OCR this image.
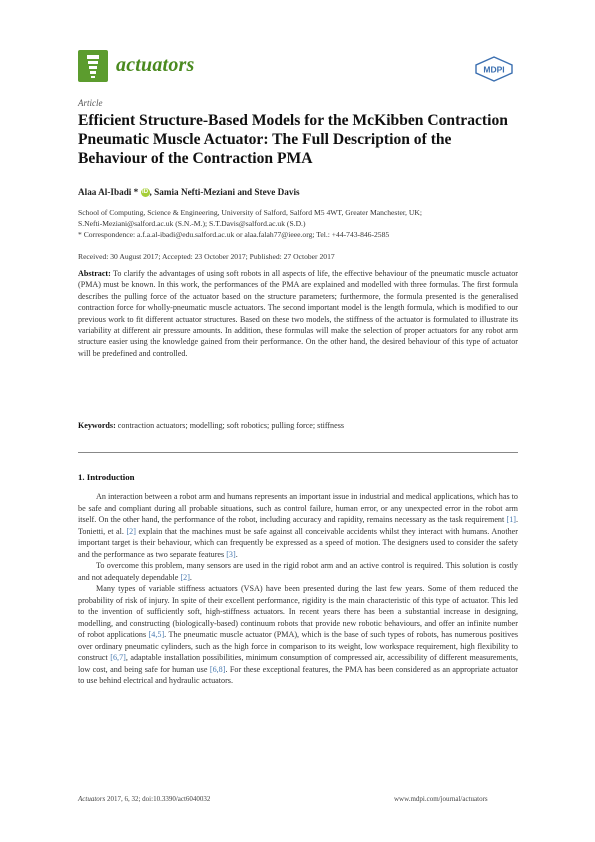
actuators	MDPI
Article
Efficient Structure-Based Models for the McKibben Contraction Pneumatic Muscle Actuator: The Full Description of the Behaviour of the Contraction PMA
Alaa Al-Ibadi * iD , Samia Nefti-Meziani and Steve Davis
School of Computing, Science & Engineering, University of Salford, Salford M5 4WT, Greater Manchester, UK;
S.Nefti-Meziani@salford.ac.uk (S.N.-M.); S.T.Davis@salford.ac.uk (S.D.)
* Correspondence: a.f.a.al-ibadi@edu.salford.ac.uk or alaa.falah77@ieee.org; Tel.: +44-743-846-2585
Received: 30 August 2017; Accepted: 23 October 2017; Published: 27 October 2017
Abstract: To clarify the advantages of using soft robots in all aspects of life, the effective behaviour of the pneumatic muscle actuator (PMA) must be known. In this work, the performances of the PMA are explained and modelled with three formulas. The first formula describes the pulling force of the actuator based on the structure parameters; furthermore, the formula presented is the generalised contraction force for wholly-pneumatic muscle actuators. The second important model is the length formula, which is modified to our previous work to fit different actuator structures. Based on these two models, the stiffness of the actuator is formulated to illustrate its variability at different air pressure amounts. In addition, these formulas will make the selection of proper actuators for any robot arm structure easier using the knowledge gained from their performance. On the other hand, the desired behaviour of this type of actuator will be predefined and controlled.
Keywords: contraction actuators; modelling; soft robotics; pulling force; stiffness
1. Introduction

An interaction between a robot arm and humans represents an important issue in industrial and medical applications, which has to be safe and compliant during all probable situations, such as control failure, human error, or any unexpected error in the robot arm itself. On the other hand, the performance of the robot, including accuracy and rapidity, remains necessary as the task requirement [1]. Tonietti, et al. [2] explain that the machines must be safe against all conceivable accidents whilst they interact with humans. Another important target is their behaviour, which can frequently be expressed as a speed of motion. The designers used to consider the safety and the performance as two separate features [3].

To overcome this problem, many sensors are used in the rigid robot arm and an active control is required. This solution is costly and not adequately dependable [2].

Many types of variable stiffness actuators (VSA) have been presented during the last few years. Some of them reduced the probability of risk of injury. In spite of their excellent performance, rigidity is the main characteristic of this type of actuator. This led to the invention of sufficiently soft, high-stiffness actuators. In recent years there has been a substantial increase in designing, modelling, and constructing (biologically-based) continuum robots that provide new robotic behaviours, and offer an infinite number of robot applications [4,5]. The pneumatic muscle actuator (PMA), which is the base of such types of robots, has numerous positives over ordinary pneumatic cylinders, such as the high force in comparison to its weight, low workspace requirement, high flexibility to construct [6,7], adaptable installation possibilities, minimum consumption of compressed air, accessibility of different measurements, low cost, and being safe for human use [6,8]. For these exceptional features, the PMA has been considered as an appropriate actuator to use behind electrical and hydraulic actuators.

Actuators 2017, 6, 32; doi:10.3390/act6040032	www.mdpi.com/journal/actuators
